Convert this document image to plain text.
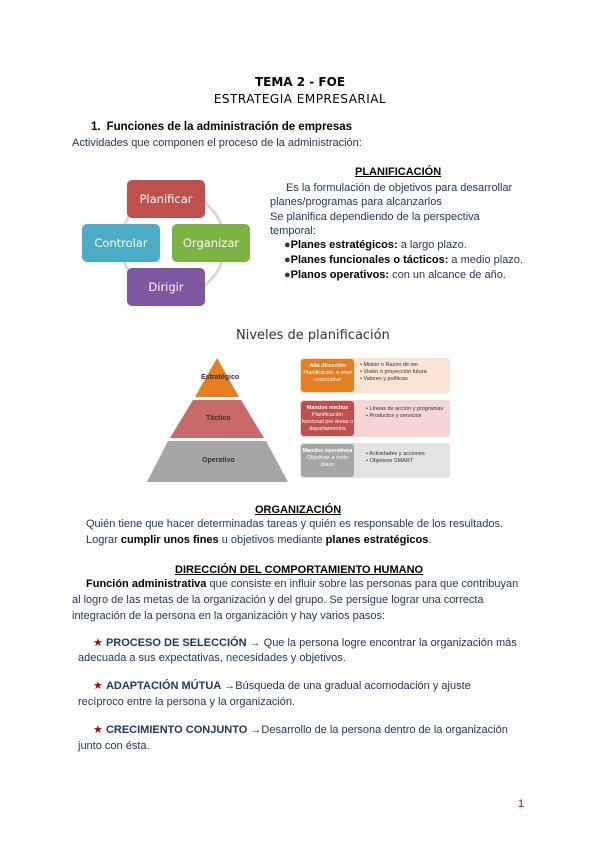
TEMA 2 - FOE
ESTRATEGIA EMPRESARIAL
1. Funciones de la administración de empresas
Actividades que componen el proceso de la administración:
Planificar
Organizar
Dirigir
Controlar
PLANIFICACIÓN
Es la formulación de objetivos para desarrollar
planes/programas para alcanzarlos
Se planifica dependiendo de la perspectiva
temporal:
●Planes estratégicos: a largo plazo.
●Planes funcionales o tácticos: a medio plazo.
●Planos operativos: con un alcance de año.
Niveles de planificación
Estratégico
Táctico
Operativo
Alta dirección
Planificación a nivel corporativo
• Misión o Razón de ser
• Visión o proyección futura
• Valores y políticas
Mandos medios
Planificación funcional por áreas o departamentos
• Líneas de acción y programas
• Productos y servicios
Mandos operativos
Objetivos a corto plazo
• Actividades y acciones
• Objetivos SMART
ORGANIZACIÓN
Quién tiene que hacer determinadas tareas y quién es responsable de los resultados.
Lograr cumplir unos fines u objetivos mediante planes estratégicos.
DIRECCIÓN DEL COMPORTAMIENTO HUMANO
Función administrativa que consiste en influir sobre las personas para que contribuyan
al logro de las metas de la organización y del grupo. Se persigue lograr una correcta
integración de la persona en la organización y hay varios pasos:
★ PROCESO DE SELECCIÓN → Que la persona logre encontrar la organización más
adecuada a sus expectativas, necesidades y objetivos.
★ ADAPTACIÓN MÚTUA →Búsqueda de una gradual acomodación y ajuste
recíproco entre la persona y la organización.
★ CRECIMIENTO CONJUNTO →Desarrollo de la persona dentro de la organización
junto con ésta.
1
